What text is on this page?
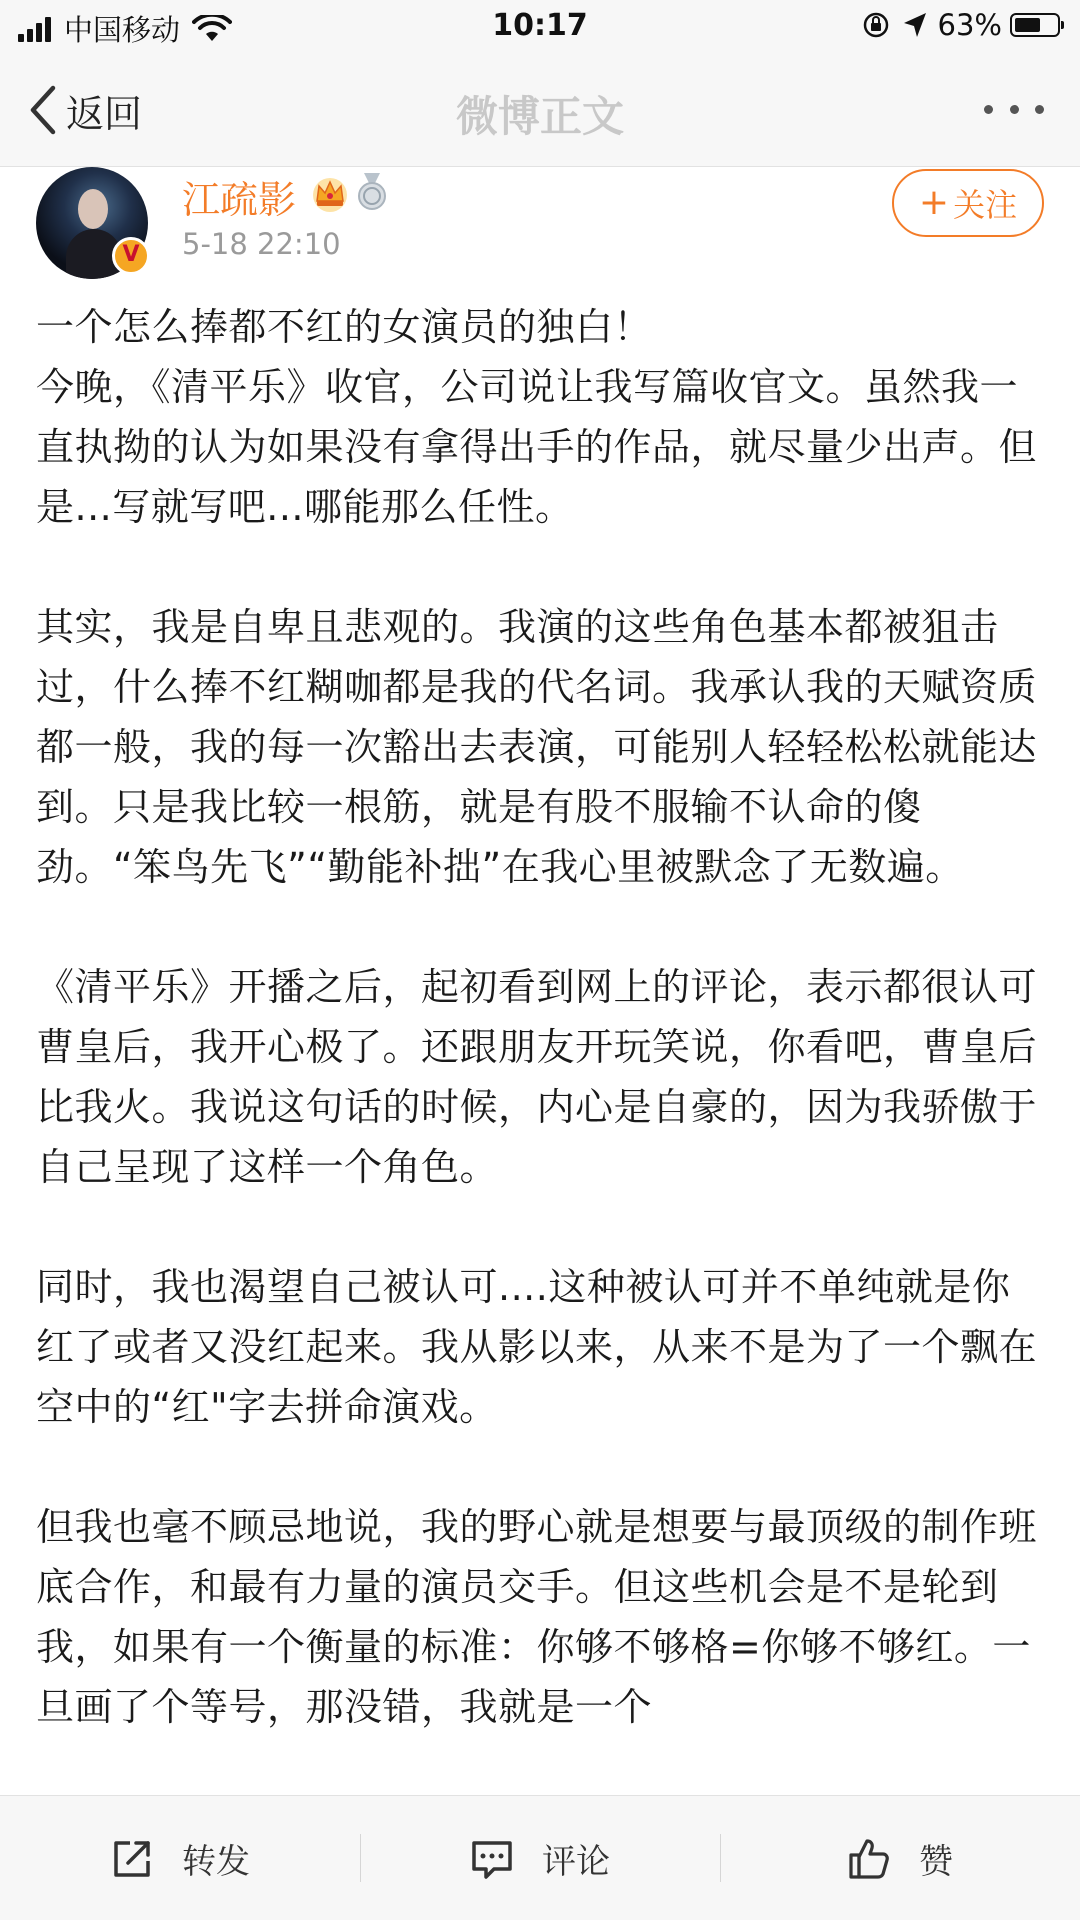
中国移动	10:17	63%
返回	微博正文
V
江疏影
5-18 22:10
+ 关注

一个怎么捧都不红的女演员的独白！

今晚，《清平乐》收官，公司说让我写篇收官文。虽然我一直执拗的认为如果没有拿得出手的作品，就尽量少出声。但是...写就写吧...哪能那么任性。

其实，我是自卑且悲观的。我演的这些角色基本都被狙击过，什么捧不红糊咖都是我的代名词。我承认我的天赋资质都一般，我的每一次豁出去表演，可能别人轻轻松松就能达到。只是我比较一根筋，就是有股不服输不认命的傻劲。“笨鸟先飞”“勤能补拙”在我心里被默念了无数遍。

《清平乐》开播之后，起初看到网上的评论，表示都很认可曹皇后，我开心极了。还跟朋友开玩笑说，你看吧，曹皇后比我火。我说这句话的时候，内心是自豪的，因为我骄傲于自己呈现了这样一个角色。

同时，我也渴望自己被认可....这种被认可并不单纯就是你红了或者又没红起来。我从影以来，从来不是为了一个飘在空中的“红"字去拼命演戏。

但我也毫不顾忌地说，我的野心就是想要与最顶级的制作班底合作，和最有力量的演员交手。但这些机会是不是轮到我，如果有一个衡量的标准：你够不够格=你够不够红。一旦画了个等号，那没错，我就是一个

转发	评论	赞
